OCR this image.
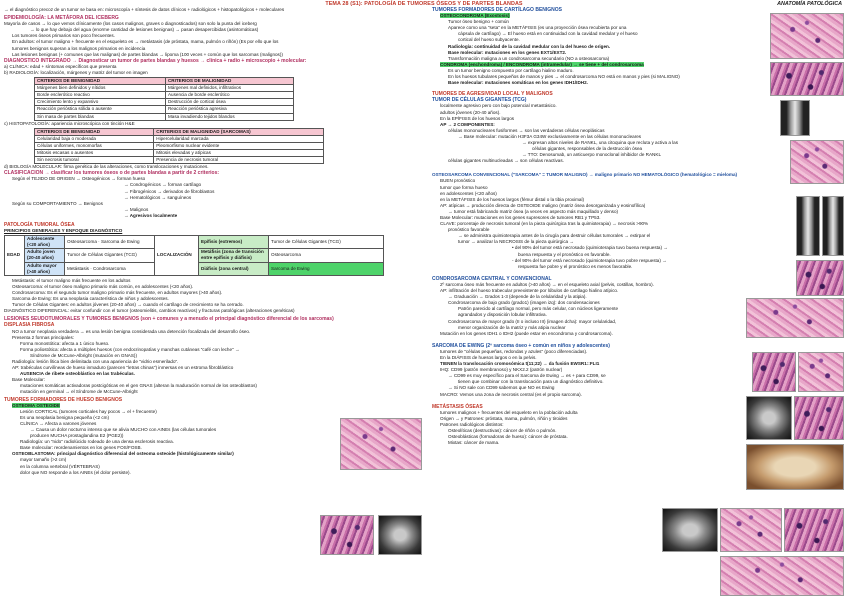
TEMA 28 (S1): PATOLOGÍA DE TUMORES ÓSEOS Y DE PARTES BLANDAS	ANATOMÍA PATOLÓGICA
→ el diagnóstico precoz de un tumor se basa en: microscopía + síntesis de datos clínicos + radiológicos + histopatológicos + moleculares
EPIDEMIOLOGÍA: LA METÁFORA DEL ICEBERG
Mayoría de casos → lo que vemos clínicamente (los casos malignos, graves o diagnosticados) son solo la punta del iceberg
→ lo que hay debajo del agua (enorme cantidad de lesiones benignas) → pasan desapercibidas (asintomáticas)
Los tumores óseos primarios son poco frecuentes.
En adultos: el tumor maligno + frecuente en el esqueleto es → metástasis (de próstata, mama, pulmón o riñón) (Es por ello que los
tumores benignos superan a los malignos primarios en incidencia
Las lesiones benignas (+ comunes que las malignas) de partes blandas → lipoma (100 veces + común que los sarcomas (malignos))
DIAGNÓSTICO INTEGRADO → Diagnosticar un tumor de partes blandas y huesos → clínica + radio + microscopio + molecular:
a) CLÍNICA: edad + síntomas específicos que presenta
b) RADIOLOGÍA: localización, márgenes y matriz del tumor en imagen
CRITERIOS DE BENIGNIDAD	CRITERIOS DE MALIGNIDAD
Márgenes bien definidos y nítidos	Márgenes mal definidos, infiltrativos
Borde esclerótico reactivo	Ausencia de borde esclerótico
Crecimiento lento y expansivo	Destrucción de cortical ósea
Reacción perióstica sólida o ausente	Reacción perióstica agresiva
Sin masa de partes blandas	Masa invadiendo tejidos blandos
c) HISTOPATOLOGÍA: apariencia microscópica con tinción H&E
CRITERIOS DE BENIGNIDAD	CRITERIOS DE MALIGNIDAD (SARCOMAS)
Celularidad baja o moderada	Hipercelularidad marcada
Células uniformes, monomorfas	Pleomorfismo nuclear evidente
Mitosis escasas o ausentes	Mitosis elevadas y atípicas
Sin necrosis tumoral	Presencia de necrosis tumoral
d) BIOLOGÍA MOLECULAR: firma genética de las alteraciones, como translocaciones y mutaciones.
CLASIFICACIÓN → clasificar los tumores óseos o de partes blandas a partir de 2 criterios:
Según el TEJIDO DE ORIGEN → Osteogénicos → forman hueso
→ Condrogénicos → forman cartílago
→ Fibrogénicos → derivados de fibroblastos
→ Hematológicos → sanguíneos
Según su COMPORTAMIENTO → Benignos
→ Malignos
→ Agresivos localmente
PATOLOGÍA TUMORAL ÓSEA
PRINCIPIOS GENERALES Y ENFOQUE DIAGNÓSTICO
EDAD	Adolescente (<20 años)	Osteosarcoma · Sarcoma de Ewing	LOCALIZACIÓN	Epífisis (extremos)	Tumor de Células Gigantes (TCG)
	Adulto joven (20-40 años)	Tumor de Células Gigantes (TCG)		Metáfisis (zona de transición entre epífisis y diáfisis)	Osteosarcoma
	Adulto mayor (>40 años)	Metástasis · Condrosarcoma		Diáfisis (zona central)	Sarcoma de Ewing
Metástasis: el tumor maligno más frecuente en los adultos
Osteosarcoma: el tumor óseo maligno primario más común, en adolescentes (<20 años).
Condrosarcoma: Es el segundo tumor maligno primario más frecuente, en adultos mayores (>40 años).
Sarcoma de Ewing: Es una neoplasia característica de niños y adolescentes.
Tumor de Células Gigantes: en adultos jóvenes (20-40 años) → cuando el cartílago de crecimiento se ha cerrado.
DIAGNÓSTICO DIFERENCIAL: evitar confundir con el tumor (osteomielitis, cambios reactivos) y fracturas patológicas (alteraciones genéticas)
LESIONES SEUDOTUMORALES Y TUMORES BENIGNOS (son + comunes y a menudo el principal diagnóstico diferencial de los sarcomas)
DISPLASIA FIBROSA
NO a tumor neoplasia verdadera → es una lesión benigna considerada una detención focalizada del desarrollo óseo.
Presenta 2 formas principales:
Forma monostótica: afecta a 1 único hueso.
Forma poliostótica: afecta a múltiples huesos (con endocrinopatías y manchas cutáneas "café con leche" →
Síndrome de McCune-Albright (mutación en GNAS))
Radiología: lesión lítica bien delimitada con una apariencia de "vidrio esmerilado".
AP: trabéculas curvilíneas de hueso inmaduro (parecen "letras chinas") inmersas en un estroma fibroblástico
AUSENCIA de ribete osteoblástico en las trabéculas.
Base Molecular:
mutaciones somáticas activadoras postcigóticas en el gen GNAS (alteran la maduración normal de los osteoblastos)
mutación en germinal → el Síndrome de McCune-Albright
TUMORES FORMADORES DE HUESO BENIGNOS
OSTEOMA OSTEOIDE
Lesión CORTICAL (tumores corticales hay pocos → el + frecuente)
Es una neoplasia benigna pequeña (<2 cm)
CLÍNICA → Afecta a varones jóvenes
→ Causa un dolor nocturno intenso que se alivia MUCHO con AINEs (las células tumorales
producen MUCHA prostaglandina E2 (PGE2))
Radiología: un "nido" radiolúcido rodeado de una densa esclerosis reactiva.
Base molecular: reordenamientos en los genes FOS/FOSB.
OSTEOBLASTOMA: principal diagnóstico diferencial del osteoma osteoide (histológicamente similar)
mayor tamaño (>2 cm)
en la columna vertebral (VÉRTEBRAS)
dolor que NO responde a los AINEs (el dolor persiste).
TUMORES FORMADORES DE CARTÍLAGO BENIGNOS
OSTEOCONDROMA (Exostosis)
Tumor óseo benigno + común
Aparece como una "seta" en la METÁFISIS (es una proyección ósea recubierta por una
cápsula de cartílago) → El hueso está en continuidad con la cavidad medular y el hueso
cortical del hueso subyacente.
Radiología: continuidad de la cavidad medular con la del hueso de origen.
Base molecular: mutaciones en los genes EXT1/EXT2.
Transformación maligna a un condrosarcoma secundario (NO a osteosarcoma)
CONDROMA (enchondroma) / ENCONDROMA (intramedular) → se tiene + del condrosarcoma
Es un tumor benigno compuesto por cartílago hialino maduro.
En los huesos tubulares pequeños de manos y pies → el condrosarcoma NO está en manos y pies (si MALIGNO)
Base molecular: mutaciones somáticas en los genes IDH1/IDH2.
TUMORES DE AGRESIVIDAD LOCAL Y MALIGNOS
TUMOR DE CÉLULAS GIGANTES (TCG)
localmente agresivo pero con bajo potencial metastásico.
adultos jóvenes (20-40 años).
En la EPÍFISIS de los huesos largos
AP → 2 COMPONENTES:
células mononucleares fusiformes → son las verdaderas células neoplásicas
→ Base molecular: mutación H3F3A G34W exclusivamente en las células mononucleares
→ expresan altos niveles de RANKL, una citoquina que recluta y activa a las
células gigantes, responsables de la destrucción ósea
→ TTO: Denosumab, un anticuerpo monoclonal inhibidor de RANKL
células gigantes multinucleadas → son células reactivas.
OSTEOSARCOMA CONVENCIONAL ("SARCOMA" = TUMOR MALIGNO) → maligno primario NO HEMATOLÓGICO (hematológico = mieloma)
BUEN pronóstico
tumor que forma hueso
en adolescentes (<20 años)
en la METÁFISIS de los huesos largos (fémur distal o la tibia proximal)
AP: atípicas → producción directa de OSTEOIDE maligno (matriz ósea desorganizada y eosinofílica)
→ tumor está fabricando matriz ósea (a veces en aspecto más maquillado y denso)
Base Molecular: mutaciones en los genes supresores de tumores RB1 y TP53.
CLAVE: porcentaje de necrosis tumoral (en la pieza quirúrgica tras la quimioterapia) → necrosis >90%
pronóstico favorable
→ se administra quimioterapia antes de la cirugía para destruir células tumorales → extirpar el
tumor → analizar la NECROSIS de la pieza quirúrgica →
• del 90% del tumor está necrosado (quimioterapia tuvo buena respuesta) →
buena respuesta y el pronóstico es favorable.
- del 90% del tumor está necrosado (quimioterapia tuvo pobre respuesta) →
respuesta fue pobre y el pronóstico es menos favorable.
CONDROSARCOMA CENTRAL Y CONVENCIONAL
2º sarcoma óseo más frecuente en adultos (>40 años) → en el esqueleto axial (pelvis, costillas, hombro).
AP: infiltración del hueso trabecular preexistente por lóbulos de cartílago hialino atípico.
→ Graduación → Grados 1-3 (depende de la celularidad y la atipia).
Condrosarcoma de bajo grado (grado1) (imagen izq): dos condensaciones
Patrón parecido al cartílago normal, pero más celular, con núcleos ligeramente
agrandados y disposición lobular infiltrativa.
Condrosarcoma de mayor grado (II o incluso III) (imagen dcha): mayor celularidad,
menor organización de la matriz y más atipia nuclear
Mutación en los genes IDH1 o IDH2 (puede estar en encondroma y condrosarcoma).
SARCOMA DE EWING (2º sarcoma óseo + común en niños y adolescentes)
tumores de "células pequeñas, redondas y azules" (poco diferenciadas).
En la DIÁFISIS de huesos largos o en la pelvis.
TIENEN la translocación cromosómica t(11;22) → da fusión EWSR1::FLI1
IHQ: CD99 (patrón membranoso) y NKX2.2 (patrón nuclear)
→ CD99 es muy específico para el Sarcoma de Ewing → es + para CD99, se
tienen que combinar con la translocación para un diagnóstico definitivo.
→ Si NO sale con CD99 sabemos que NO es Ewing
MACRO: Vemos una zona de necrosis central (es el propio sarcoma).
METÁSTASIS ÓSEAS
tumores malignos + frecuentes del esqueleto en la población adulta
Origen → y Patrones: próstata, mama, pulmón, riñón y tiroides
Patrones radiológicos distintos:
Osteolíticas (destructivas): cáncer de riñón o pulmón.
Osteoblásticas (formadoras de hueso): cáncer de próstata.
Mixtas: cáncer de mama.
